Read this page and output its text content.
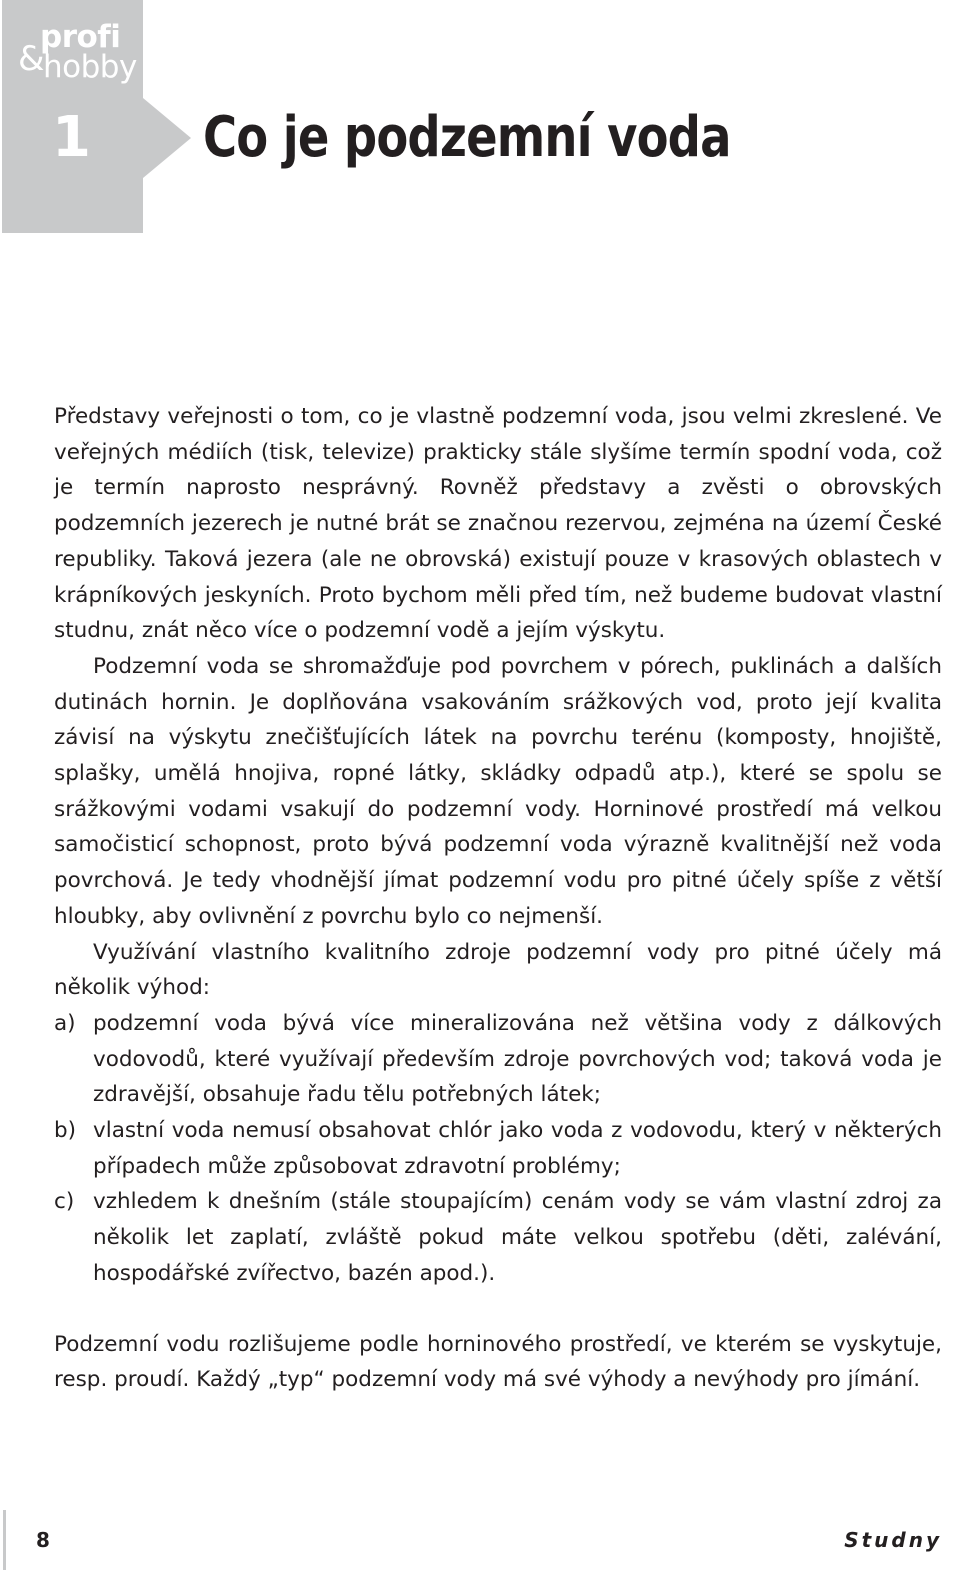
&
profi
hobby
1 Co je podzemní voda

Představy veřejnosti o tom, co je vlastně podzemní voda, jsou velmi zkreslené. Ve veřejných médiích (tisk, televize) prakticky stále slyšíme termín spodní voda, což je termín naprosto nesprávný. Rovněž představy a zvěsti o obrovských podzemních jezerech je nutné brát se značnou rezervou, zejména na území České republiky. Taková jezera (ale ne obrovská) existují pouze v krasových oblastech v krápníkových jeskyních. Proto bychom měli před tím, než budeme budovat vlastní studnu, znát něco více o podzemní vodě a jejím výskytu.

Podzemní voda se shromažďuje pod povrchem v pórech, puklinách a dalších dutinách hornin. Je doplňována vsakováním srážkových vod, proto její kvalita závisí na výskytu znečišťujících látek na povrchu terénu (komposty, hnojiště, splašky, umělá hnojiva, ropné látky, skládky odpadů atp.), které se spolu se srážkovými vodami vsakují do podzemní vody. Horninové prostředí má velkou samočisticí schopnost, proto bývá podzemní voda výrazně kvalitnější než voda povrchová. Je tedy vhodnější jímat podzemní vodu pro pitné účely spíše z větší hloubky, aby ovlivnění z povrchu bylo co nejmenší.

Využívání vlastního kvalitního zdroje podzemní vody pro pitné účely má několik výhod:

a) podzemní voda bývá více mineralizována než většina vody z dálkových vodovodů, které využívají především zdroje povrchových vod; taková voda je zdravější, obsahuje řadu tělu potřebných látek;
b) vlastní voda nemusí obsahovat chlór jako voda z vodovodu, který v některých případech může způsobovat zdravotní problémy;
c) vzhledem k dnešním (stále stoupajícím) cenám vody se vám vlastní zdroj za několik let zaplatí, zvláště pokud máte velkou spotřebu (děti, zalévání, hospodářské zvířectvo, bazén apod.).

Podzemní vodu rozlišujeme podle horninového prostředí, ve kterém se vyskytuje, resp. proudí. Každý „typ“ podzemní vody má své výhody a nevýhody pro jímání.

8	Studny
